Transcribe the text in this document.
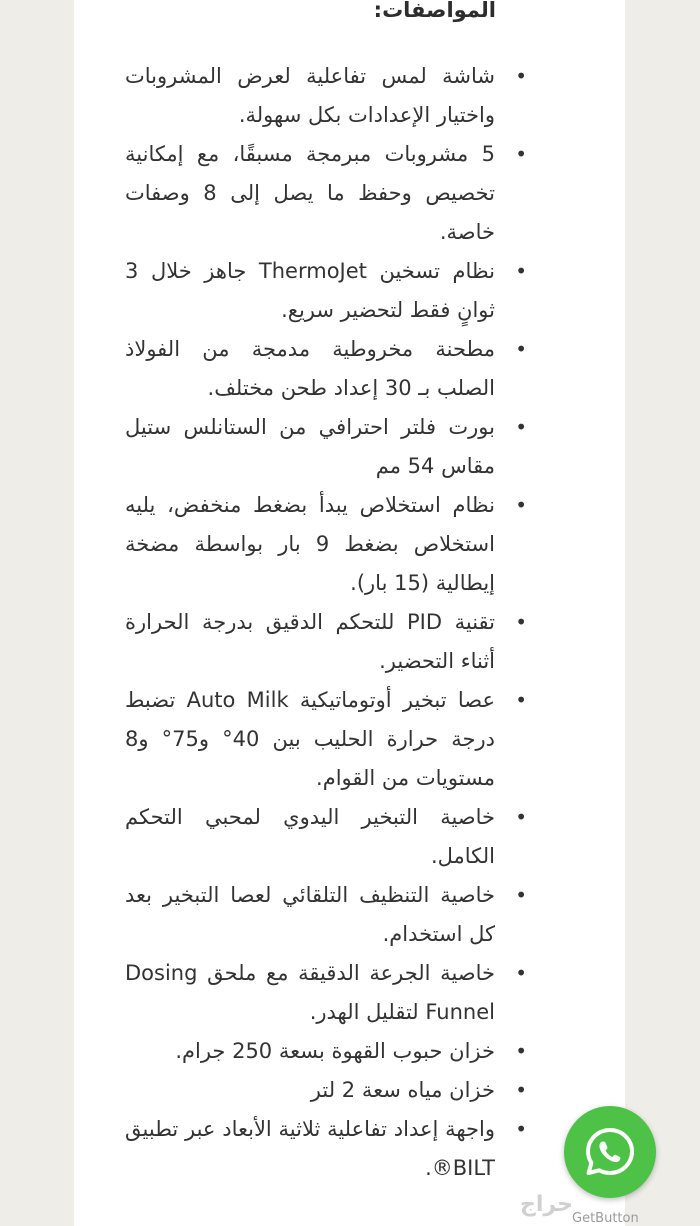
المواصفات:
• شاشة لمس تفاعلية لعرض المشروبات واختيار الإعدادات بكل سهولة.
• 5 مشروبات مبرمجة مسبقًا، مع إمكانية تخصيص وحفظ ما يصل إلى 8 وصفات خاصة.
• نظام تسخين ThermoJet جاهز خلال 3 ثوانٍ فقط لتحضير سريع.
• مطحنة مخروطية مدمجة من الفولاذ الصلب بـ 30 إعداد طحن مختلف.
• بورت فلتر احترافي من الستانلس ستيل مقاس 54 مم
• نظام استخلاص يبدأ بضغط منخفض، يليه استخلاص بضغط 9 بار بواسطة مضخة إيطالية (15 بار).
• تقنية PID للتحكم الدقيق بدرجة الحرارة أثناء التحضير.
• عصا تبخير أوتوماتيكية Auto Milk تضبط درجة حرارة الحليب بين 40° و75° و8 مستويات من القوام.
• خاصية التبخير اليدوي لمحبي التحكم الكامل.
• خاصية التنظيف التلقائي لعصا التبخير بعد كل استخدام.
• خاصية الجرعة الدقيقة مع ملحق Dosing Funnel لتقليل الهدر.
• خزان حبوب القهوة بسعة 250 جرام.
• خزان مياه سعة 2 لتر
• واجهة إعداد تفاعلية ثلاثية الأبعاد عبر تطبيق BILT®.
حراج
GetButton
